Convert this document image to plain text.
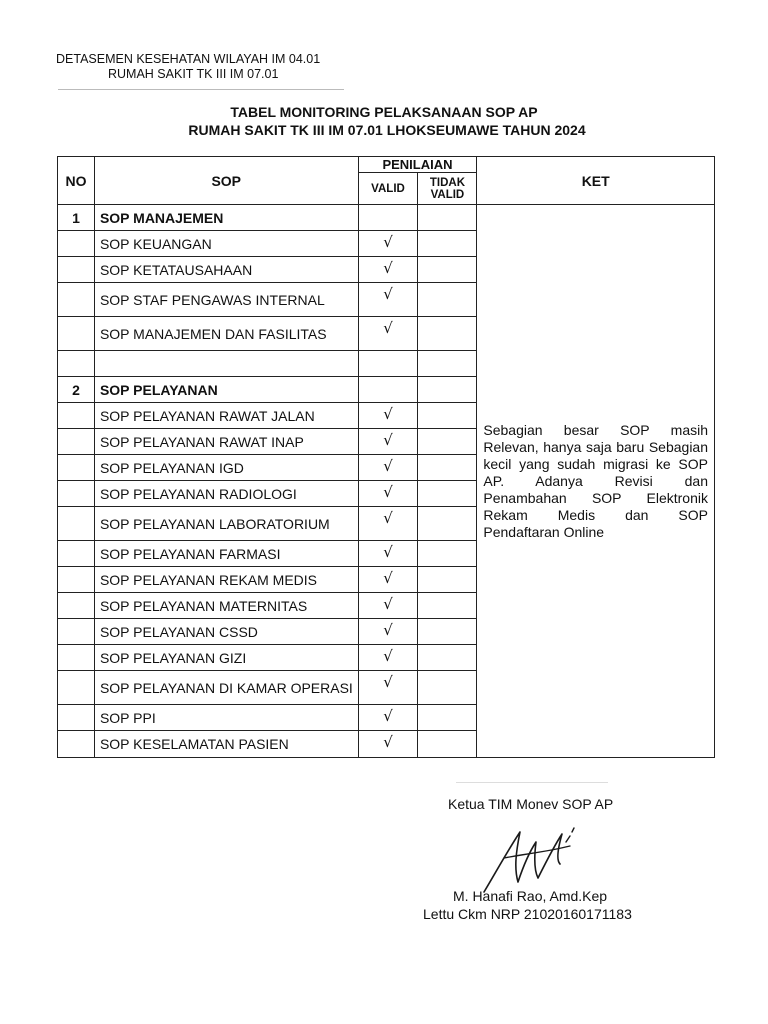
DETASEMEN KESEHATAN WILAYAH IM 04.01
RUMAH SAKIT TK III IM 07.01
TABEL MONITORING PELAKSANAAN SOP AP
RUMAH SAKIT TK III IM 07.01 LHOKSEUMAWE TAHUN 2024
NO	SOP	PENILAIAN		KET
		VALID	TIDAK VALID	
1	SOP MANAJEMEN			Sebagian besar SOP masih Relevan, hanya saja baru Sebagian kecil yang sudah migrasi ke SOP AP. Adanya Revisi dan Penambahan SOP Elektronik Rekam Medis dan SOP Pendaftaran Online
	SOP KEUANGAN	√		
	SOP KETATAUSAHAAN	√		
	SOP STAF PENGAWAS INTERNAL	√		
	SOP MANAJEMEN DAN FASILITAS	√		

2	SOP PELAYANAN			
	SOP PELAYANAN RAWAT JALAN	√		
	SOP PELAYANAN RAWAT INAP	√		
	SOP PELAYANAN IGD	√		
	SOP PELAYANAN RADIOLOGI	√		
	SOP PELAYANAN LABORATORIUM	√		
	SOP PELAYANAN FARMASI	√		
	SOP PELAYANAN REKAM MEDIS	√		
	SOP PELAYANAN MATERNITAS	√		
	SOP PELAYANAN CSSD	√		
	SOP PELAYANAN GIZI	√		
	SOP PELAYANAN DI KAMAR OPERASI	√		
	SOP PPI	√		
	SOP KESELAMATAN PASIEN	√		
Ketua TIM Monev SOP AP
M. Hanafi Rao, Amd.Kep
Lettu Ckm NRP 21020160171183
